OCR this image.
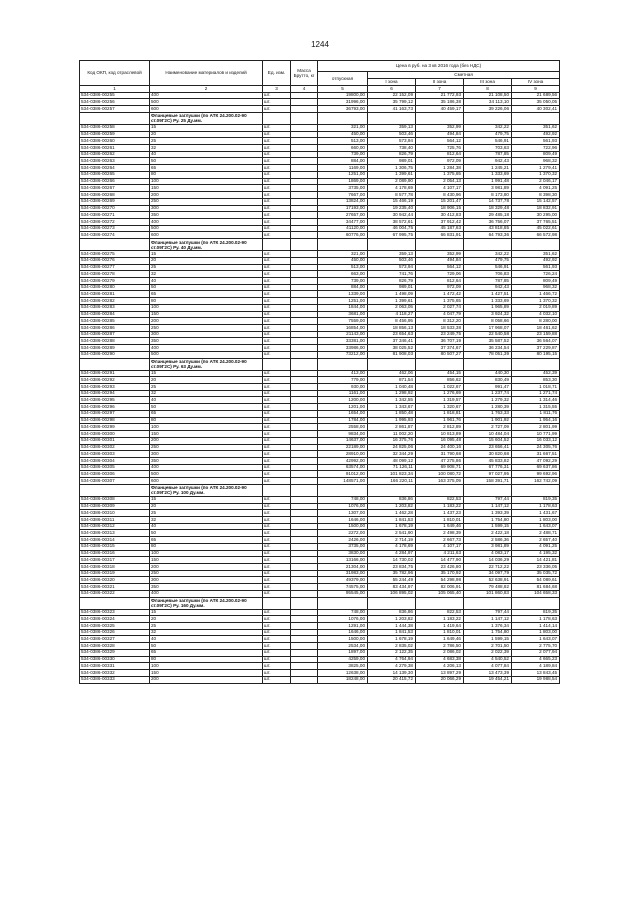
1244
Код ОКП, код отраслевой	Наименование материалов и изделий	Ед. изм.	Масса Брутто, кг	Цена в руб. на 3 кв 2016 года (без НДС)				
				отпускная	Сметная			
					I зона	II зона	III зона	IV зона
1	2	3	4	5	6	7	8	9
534-0386-00255	400	шт.		19800,00	22 152,09	21 772,93	21 108,50	21 689,56
534-0386-00256	500	шт.		31996,00	35 799,12	35 186,38	34 113,10	35 050,05
534-0386-00257	600	шт.		36793,00	41 163,73	40 459,17	39 226,06	40 302,41
	Фланцевые заглушки (по АТК 24.200.02-90 ст.09Г2С) Ру. 25 Ду.мм.							
534-0386-00258	15	шт.		321,00	359,13	352,99	342,22	351,62
534-0386-00259	20	шт.		450,00	503,46	494,84	479,75	492,92
534-0386-00260	25	шт.		513,00	573,94	564,12	546,91	561,93
534-0386-00261	32	шт.		660,00	738,40	725,76	703,63	722,96
534-0386-00262	40	шт.		739,00	826,79	812,64	787,85	809,49
534-0386-00263	50	шт.		884,00	989,01	972,09	942,43	968,32
534-0386-00264	65	шт.		1169,00	1 306,75	1 284,38	1 245,21	1 279,41
534-0386-00265	80	шт.		1251,00	1 399,61	1 375,65	1 333,69	1 370,32
534-0386-00266	100	шт.		1869,00	2 089,90	2 054,13	1 991,48	2 046,17
534-0386-00267	150	шт.		3735,00	4 178,69	4 107,17	3 981,89	4 091,25
534-0386-00268	200	шт.		7667,00	8 577,78	8 430,96	8 173,80	8 398,30
534-0386-00269	250	шт.		13824,00	15 466,19	15 201,47	14 737,78	15 142,57
534-0386-00270	300	шт.		17193,00	19 235,40	18 906,15	18 329,48	18 832,91
534-0386-00271	350	шт.		27657,00	30 942,44	30 412,83	29 485,18	30 295,00
534-0386-00272	400	шт.		34477,00	38 572,61	37 912,42	36 756,07	37 765,51
534-0386-00273	500	шт.		41120,00	46 004,75	45 187,63	43 818,85	45 022,61
534-0386-00274	600	шт.		60776,00	67 995,75	66 831,91	64 793,36	66 572,98
	Фланцевые заглушки (по АТК 24.200.02-90 ст.09Г2С) Ру. 40 Ду.мм.							
534-0386-00275	15	шт.		321,00	359,13	352,99	342,22	351,62
534-0386-00276	20	шт.		450,00	503,46	494,84	479,75	492,92
534-0386-00277	25	шт.		513,00	573,94	564,12	546,91	561,93
534-0386-00278	32	шт.		663,00	741,76	729,06	706,83	726,24
534-0386-00279	40	шт.		739,00	826,79	812,64	787,85	809,49
534-0386-00280	50	шт.		884,00	989,01	972,09	942,43	968,32
534-0386-00281	65	шт.		1339,00	1 498,09	1 472,42	1 427,51	1 466,72
534-0386-00282	80	шт.		1251,00	1 399,61	1 375,65	1 333,69	1 370,32
534-0386-00283	100	шт.		1844,00	2 063,05	2 027,74	1 965,89	2 019,89
534-0386-00284	150	шт.		3681,00	4 118,27	4 047,79	3 924,32	4 032,10
534-0386-00285	200	шт.		7559,00	8 456,95	8 312,20	8 058,66	8 280,00
534-0386-00286	250	шт.		16854,00	18 856,13	18 533,38	17 968,07	18 461,62
534-0386-00287	300	шт.		21143,00	23 654,63	23 249,75	22 540,58	23 159,88
534-0386-00288	350	шт.		33381,00	37 346,41	36 707,19	35 587,52	36 564,07
534-0386-00289	400	шт.		33986,00	38 025,52	37 374,67	36 234,54	37 229,87
534-0386-00290	500	шт.		73212,00	81 908,03	80 507,27	78 051,39	80 195,15
	Фланцевые заглушки (по АТК 24.200.02-90 ст.09Г2С) Ру. 63 Ду.мм.							
534-0386-00291	15	шт.		413,00	462,06	454,15	440,30	452,39
534-0386-00292	20	шт.		779,00	871,54	856,62	830,49	853,30
534-0386-00293	25	шт.		930,00	1 040,48	1 022,67	991,47	1 018,71
534-0386-00294	32	шт.		1161,00	1 298,92	1 276,69	1 237,74	1 271,74
534-0386-00295	40	шт.		1200,00	1 342,55	1 319,57	1 279,32	1 314,46
534-0386-00296	50	шт.		1201,00	1 343,67	1 320,67	1 280,39	1 315,55
534-0386-00297	65	шт.		1654,00	1 850,48	1 818,81	1 763,33	1 811,76
534-0386-00298	80	шт.		1784,00	1 995,93	1 961,76	1 901,92	1 954,16
534-0386-00299	100	шт.		2558,00	2 861,87	2 812,89	2 727,09	2 801,99
534-0386-00300	150	шт.		9834,00	11 002,20	10 813,89	10 484,04	10 771,99
534-0386-00301	200	шт.		14637,00	16 375,76	16 095,48	15 604,52	16 033,12
534-0386-00302	250	шт.		22189,00	24 825,06	24 400,16	23 656,41	24 305,76
534-0386-00303	300	шт.		28910,00	32 344,29	31 790,68	30 820,68	31 667,51
534-0386-00304	350	шт.		42992,00	48 099,12	47 275,86	45 833,82	47 092,29
534-0386-00305	400	шт.		63574,00	71 126,11	69 908,71	67 776,31	69 637,86
534-0386-00306	500	шт.		91012,00	101 823,34	100 080,72	97 027,95	99 692,96
534-0386-00307	600	шт.		148571,00	166 220,11	163 375,09	158 391,71	162 742,09
	Фланцевые заглушки (по АТК 24.200.02-90 ст.09Г2С) Ру. 100 Ду.мм.							
534-0386-00308	15	шт.		748,00	836,86	822,53	797,44	819,35
534-0386-00309	20	шт.		1076,00	1 203,82	1 183,22	1 147,12	1 178,63
534-0386-00310	25	шт.		1307,00	1 462,28	1 437,23	1 393,39	1 431,67
534-0386-00311	32	шт.		1646,00	1 841,53	1 810,01	1 754,80	1 803,00
534-0386-00312	40	шт.		1500,00	1 678,19	1 649,46	1 599,15	1 643,07
534-0386-00313	50	шт.		2272,00	2 541,90	2 498,39	2 422,18	2 488,71
534-0386-00314	65	шт.		2426,00	2 714,19	2 667,73	2 586,36	2 657,40
534-0386-00315	80	шт.		3735,00	4 178,69	4 107,17	3 981,89	4 091,25
534-0386-00316	100	шт.		3830,00	4 284,97	4 211,63	4 083,17	4 195,32
534-0386-00317	150	шт.		13166,00	14 730,02	14 477,90	14 036,29	14 421,81
534-0386-00318	200	шт.		21304,00	23 834,75	23 426,80	22 712,22	23 336,05
534-0386-00319	250	шт.		31983,00	35 782,96	35 170,92	34 097,79	35 035,72
534-0386-00320	300	шт.		49379,00	55 244,49	54 298,98	52 638,91	54 089,61
534-0386-00321	350	шт.		74575,00	83 434,97	82 006,91	79 488,82	81 684,68
534-0386-00322	400	шт.		95545,00	106 895,02	105 065,40	101 860,83	104 658,33
	Фланцевые заглушки (по АТК 24.200.02-90 ст.09Г2С) Ру. 160 Ду.мм.							
534-0386-00323	15	шт.		748,00	836,86	822,53	797,44	819,35
534-0386-00324	20	шт.		1076,00	1 203,82	1 183,22	1 147,12	1 178,63
534-0386-00325	25	шт.		1291,00	1 444,38	1 419,64	1 376,34	1 414,14
534-0386-00326	32	шт.		1646,00	1 841,53	1 810,01	1 754,80	1 803,00
534-0386-00327	40	шт.		1500,00	1 678,19	1 649,46	1 599,15	1 643,07
534-0386-00328	50	шт.		2534,00	2 835,02	2 786,50	2 701,50	2 775,70
534-0386-00329	65	шт.		1897,00	2 122,35	2 086,02	2 022,39	2 077,94
534-0386-00330	80	шт.		4259,00	4 764,94	4 683,38	4 540,52	4 665,23
534-0386-00331	100	шт.		3825,00	4 279,38	4 206,13	4 077,84	4 189,84
534-0386-00332	150	шт.		12638,00	14 139,30	13 897,29	13 473,39	13 843,45
534-0386-00333	200	шт.		18248,00	20 415,72	20 066,29	19 454,21	19 988,54
